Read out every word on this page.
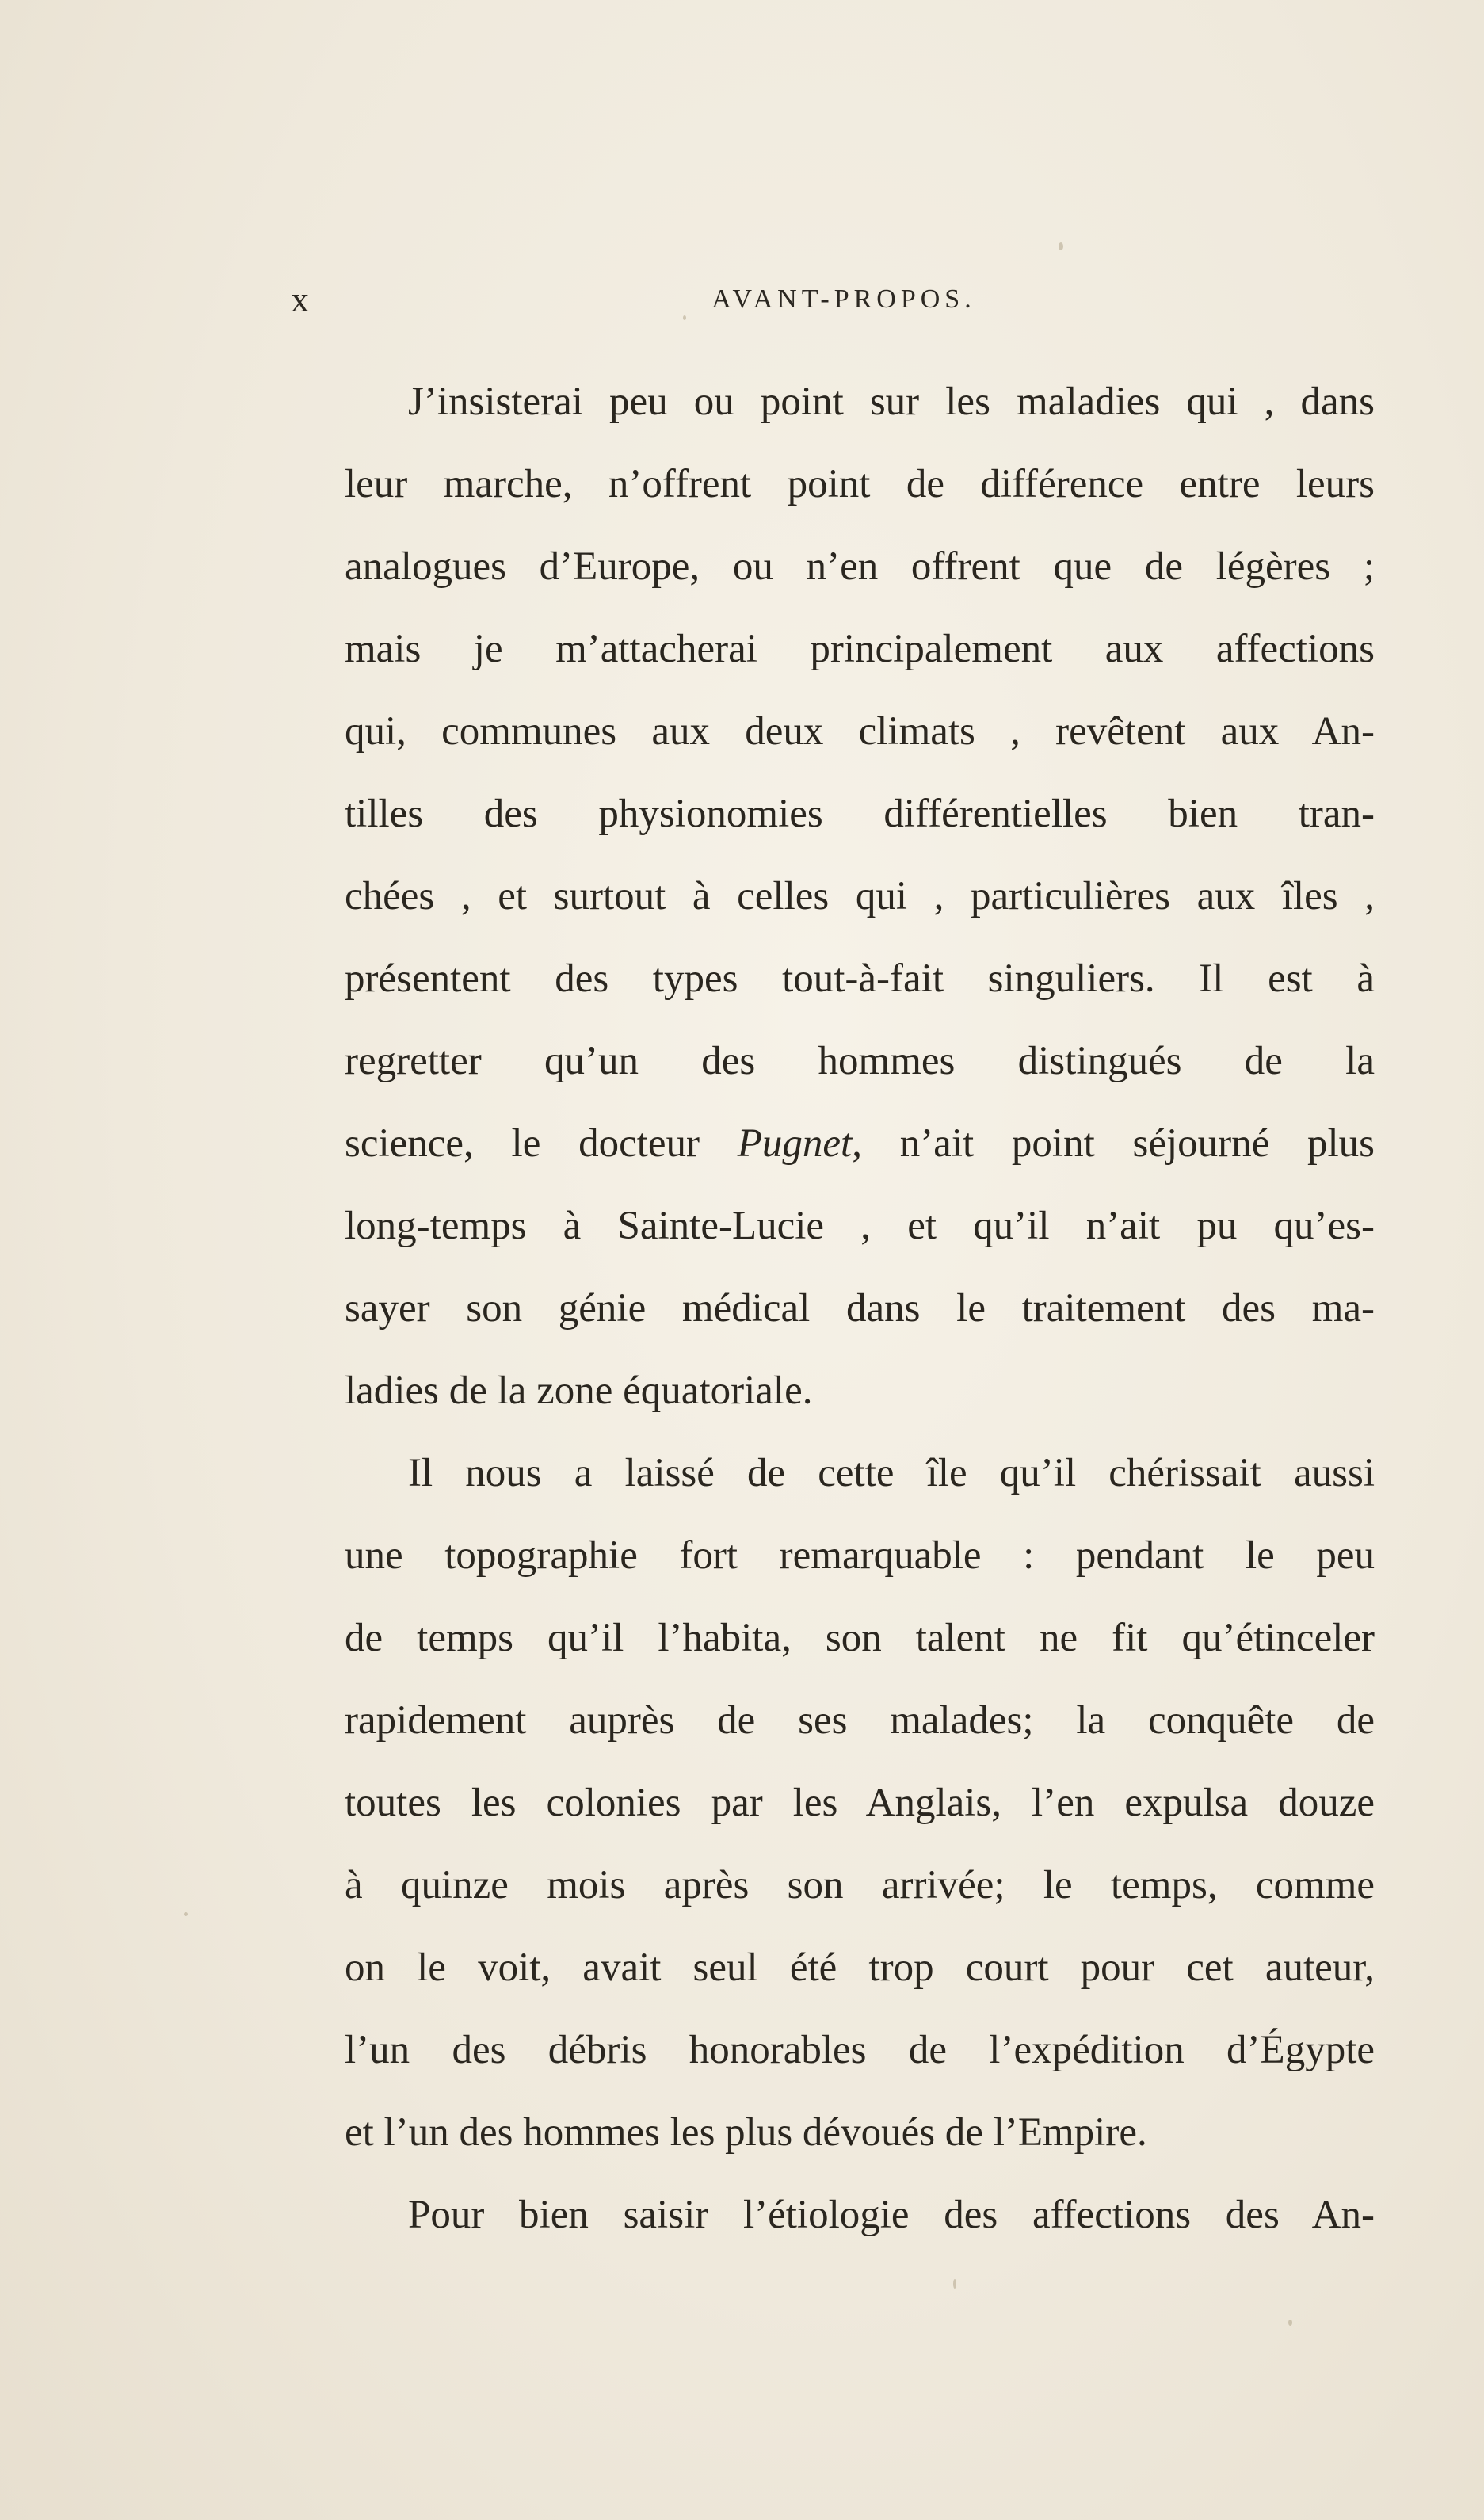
x	AVANT-PROPOS.
J’insisterai peu ou point sur les maladies qui , dans
leur marche, n’offrent point de différence entre leurs
analogues d’Europe, ou n’en offrent que de légères ;
mais je m’attacherai principalement aux affections
qui, communes aux deux climats , revêtent aux An-
tilles des physionomies différentielles bien tran-
chées , et surtout à celles qui , particulières aux îles ,
présentent des types tout-à-fait singuliers. Il est à
regretter qu’un des hommes distingués de la
science, le docteur Pugnet, n’ait point séjourné plus
long-temps à Sainte-Lucie , et qu’il n’ait pu qu’es-
sayer son génie médical dans le traitement des ma-
ladies de la zone équatoriale.
Il nous a laissé de cette île qu’il chérissait aussi
une topographie fort remarquable : pendant le peu
de temps qu’il l’habita, son talent ne fit qu’étinceler
rapidement auprès de ses malades; la conquête de
toutes les colonies par les Anglais, l’en expulsa douze
à quinze mois après son arrivée; le temps, comme
on le voit, avait seul été trop court pour cet auteur,
l’un des débris honorables de l’expédition d’Égypte
et l’un des hommes les plus dévoués de l’Empire.
Pour bien saisir l’étiologie des affections des An-
